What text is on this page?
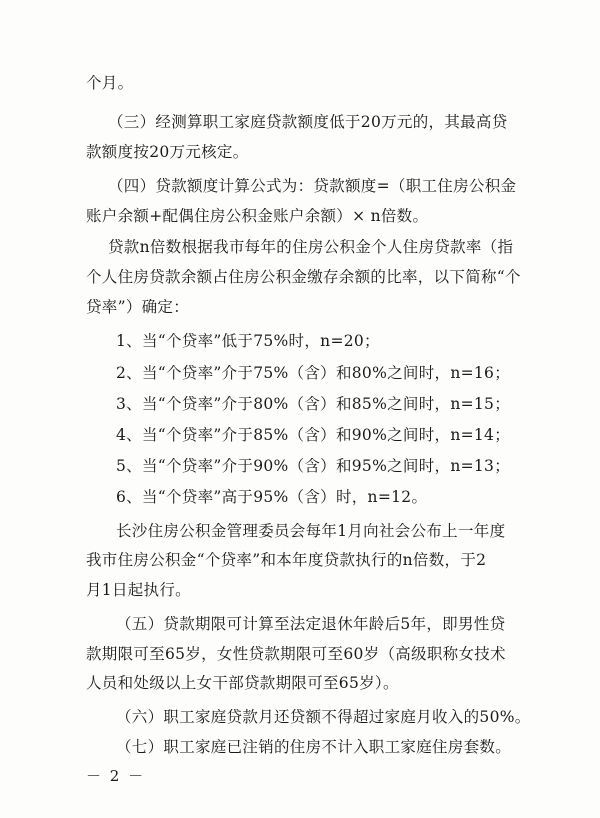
个月。
（三）经测算职工家庭贷款额度低于20万元的，其最高贷
款额度按20万元核定。
（四）贷款额度计算公式为：贷款额度=（职工住房公积金
账户余额+配偶住房公积金账户余额）× n倍数。
贷款n倍数根据我市每年的住房公积金个人住房贷款率（指
个人住房贷款余额占住房公积金缴存余额的比率，以下简称“个
贷率”）确定：
1、当“个贷率”低于75%时，n=20；
2、当“个贷率”介于75%（含）和80%之间时，n=16；
3、当“个贷率”介于80%（含）和85%之间时，n=15；
4、当“个贷率”介于85%（含）和90%之间时，n=14；
5、当“个贷率”介于90%（含）和95%之间时，n=13；
6、当“个贷率”高于95%（含）时，n=12。
长沙住房公积金管理委员会每年1月向社会公布上一年度
我市住房公积金“个贷率”和本年度贷款执行的n倍数，于2
月1日起执行。
（五）贷款期限可计算至法定退休年龄后5年，即男性贷
款期限可至65岁，女性贷款期限可至60岁（高级职称女技术
人员和处级以上女干部贷款期限可至65岁）。
（六）职工家庭贷款月还贷额不得超过家庭月收入的50%。
（七）职工家庭已注销的住房不计入职工家庭住房套数。
－ 2 －
